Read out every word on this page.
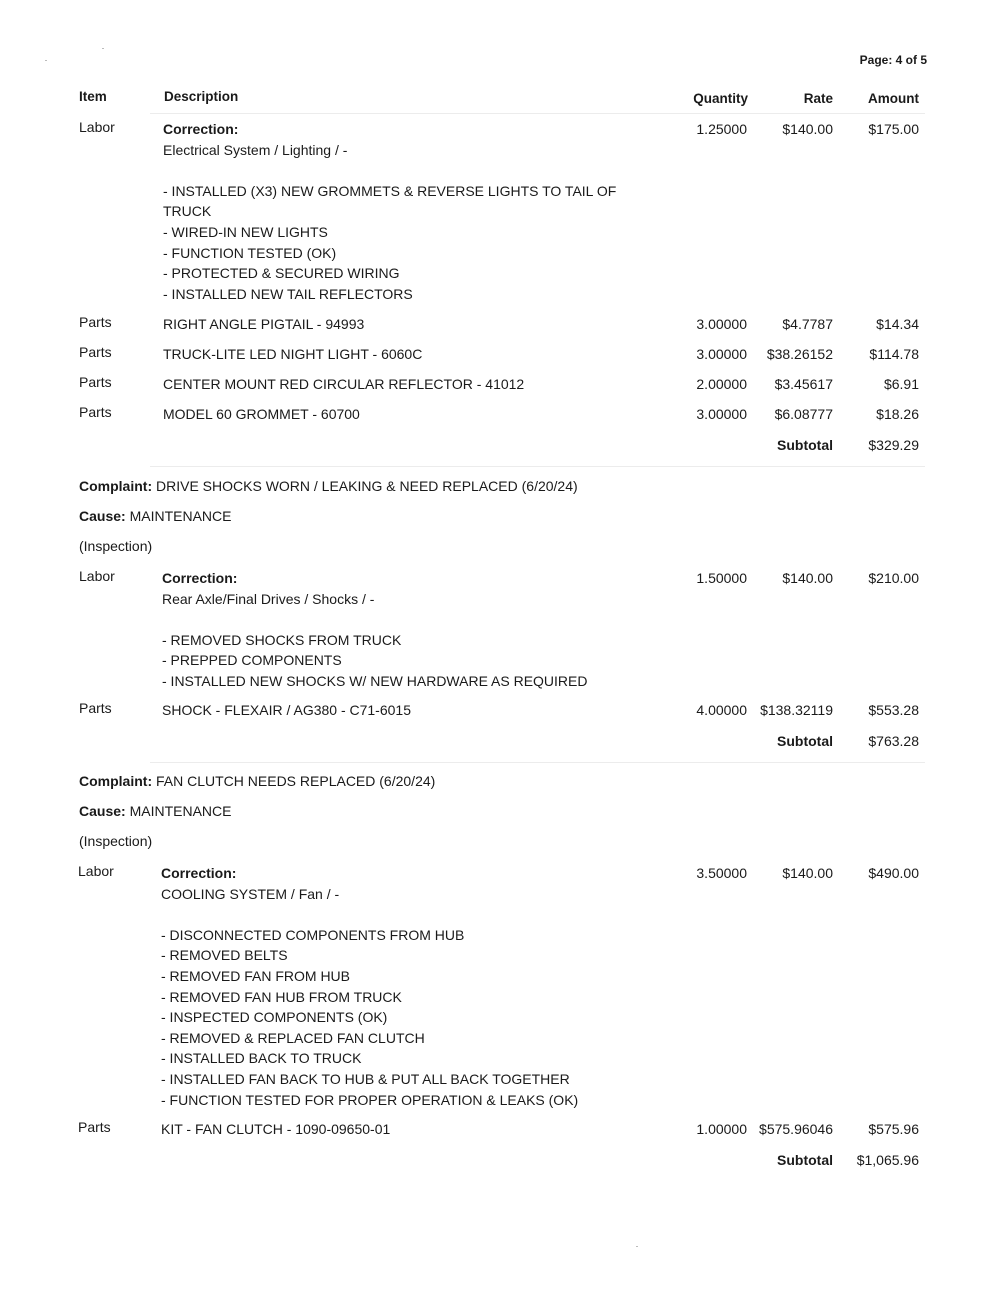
Page: 4 of 5
Item	Description	Quantity	Rate	Amount
Labor	Correction:
Electrical System / Lighting / -
- INSTALLED (X3) NEW GROMMETS & REVERSE LIGHTS TO TAIL OF
TRUCK
- WIRED-IN NEW LIGHTS
- FUNCTION TESTED (OK)
- PROTECTED & SECURED WIRING
- INSTALLED NEW TAIL REFLECTORS
1.25000	$140.00	$175.00
Parts	RIGHT ANGLE PIGTAIL - 94993	3.00000	$4.7787	$14.34
Parts	TRUCK-LITE LED NIGHT LIGHT - 6060C	3.00000 $38.26152	$114.78
Parts	CENTER MOUNT RED CIRCULAR REFLECTOR - 41012	2.00000 $3.45617	$6.91
Parts	MODEL 60 GROMMET - 60700	3.00000 $6.08777	$18.26
Subtotal	$329.29
Complaint: DRIVE SHOCKS WORN / LEAKING & NEED REPLACED (6/20/24)
Cause: MAINTENANCE
(Inspection)
Labor	Correction:
Rear Axle/Final Drives / Shocks / -
- REMOVED SHOCKS FROM TRUCK
- PREPPED COMPONENTS
- INSTALLED NEW SHOCKS W/ NEW HARDWARE AS REQUIRED
1.50000	$140.00	$210.00
Parts	SHOCK - FLEXAIR / AG380 - C71-6015	4.00000 $138.32119	$553.28
Subtotal	$763.28
Complaint: FAN CLUTCH NEEDS REPLACED (6/20/24)
Cause: MAINTENANCE
(Inspection)
Labor	Correction:
COOLING SYSTEM / Fan / -
- DISCONNECTED COMPONENTS FROM HUB
- REMOVED BELTS
- REMOVED FAN FROM HUB
- REMOVED FAN HUB FROM TRUCK
- INSPECTED COMPONENTS (OK)
- REMOVED & REPLACED FAN CLUTCH
- INSTALLED BACK TO TRUCK
- INSTALLED FAN BACK TO HUB & PUT ALL BACK TOGETHER
- FUNCTION TESTED FOR PROPER OPERATION & LEAKS (OK)
3.50000	$140.00	$490.00
Parts	KIT - FAN CLUTCH - 1090-09650-01	1.00000 $575.96046	$575.96
Subtotal $1,065.96
